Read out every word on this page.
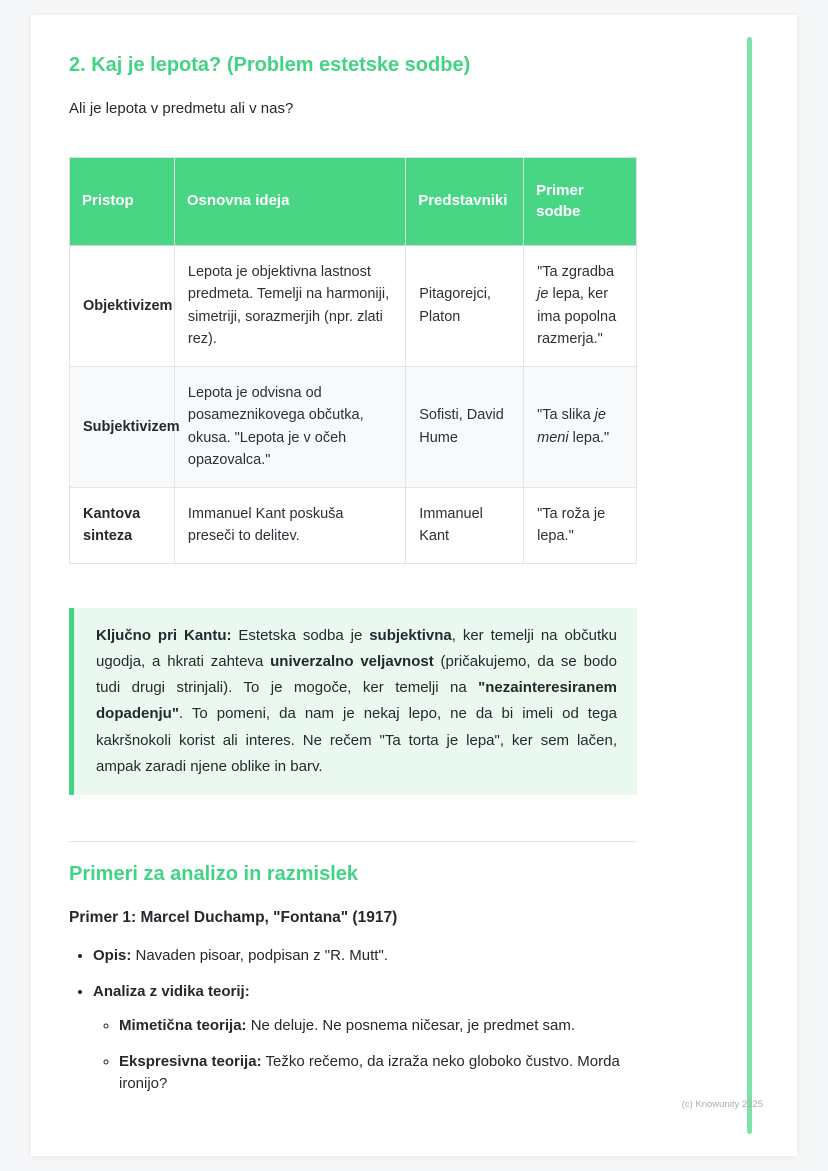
2. Kaj je lepota? (Problem estetske sodbe)

Ali je lepota v predmetu ali v nas?

Pristop	Osnovna ideja	Predstavniki	Primer sodbe
Objektivizem	Lepota je objektivna lastnost predmeta. Temelji na harmoniji, simetriji, sorazmerjih (npr. zlati rez).	Pitagorejci, Platon	"Ta zgradba je lepa, ker ima popolna razmerja."
Subjektivizem	Lepota je odvisna od posameznikovega občutka, okusa. "Lepota je v očeh opazovalca."	Sofisti, David Hume	"Ta slika je meni lepa."
Kantova sinteza	Immanuel Kant poskuša preseči to delitev.	Immanuel Kant	"Ta roža je lepa."

Ključno pri Kantu: Estetska sodba je subjektivna, ker temelji na občutku ugodja, a hkrati zahteva univerzalno veljavnost (pričakujemo, da se bodo tudi drugi strinjali). To je mogoče, ker temelji na "nezainteresiranem dopadenju". To pomeni, da nam je nekaj lepo, ne da bi imeli od tega kakršnokoli korist ali interes. Ne rečem "Ta torta je lepa", ker sem lačen, ampak zaradi njene oblike in barv.

Primeri za analizo in razmislek

Primer 1: Marcel Duchamp, "Fontana" (1917)

• Opis: Navaden pisoar, podpisan z "R. Mutt".
• Analiza z vidika teorij:
◦ Mimetična teorija: Ne deluje. Ne posnema ničesar, je predmet sam.
◦ Ekspresivna teorija: Težko rečemo, da izraža neko globoko čustvo. Morda ironijo?
(c) Knowunity 2025
